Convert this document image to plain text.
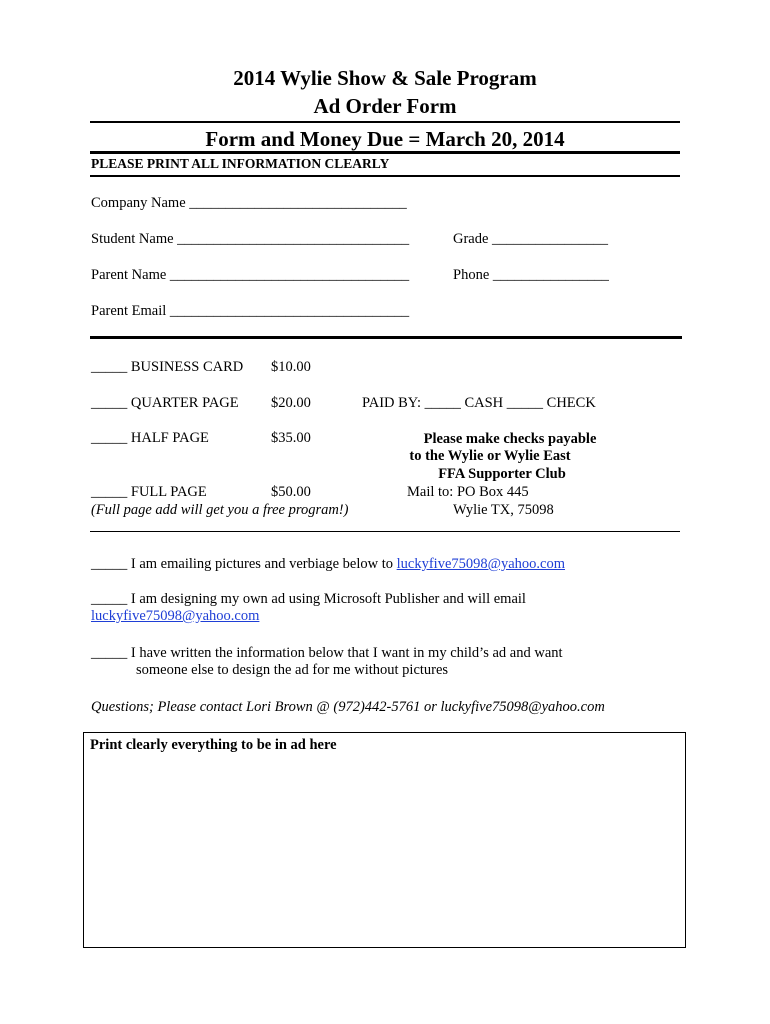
2014 Wylie Show & Sale Program
Ad Order Form
Form and Money Due = March 20, 2014
PLEASE PRINT ALL INFORMATION CLEARLY
Company Name ______________________________
Student Name ________________________________	Grade ________________
Parent Name _________________________________	Phone ________________
Parent Email _________________________________
_____ BUSINESS CARD $10.00
_____ QUARTER PAGE $20.00	PAID BY: _____ CASH _____ CHECK
_____ HALF PAGE	$35.00	Please make checks payable
to the Wylie or Wylie East
FFA Supporter Club
Mail to: PO Box 445
Wylie TX, 75098
_____ FULL PAGE	$50.00
(Full page add will get you a free program!)
_____ I am emailing pictures and verbiage below to luckyfive75098@yahoo.com
_____ I am designing my own ad using Microsoft Publisher and will email
luckyfive75098@yahoo.com
_____ I have written the information below that I want in my child’s ad and want
someone else to design the ad for me without pictures
Questions; Please contact Lori Brown @ (972)442-5761 or luckyfive75098@yahoo.com
Print clearly everything to be in ad here
